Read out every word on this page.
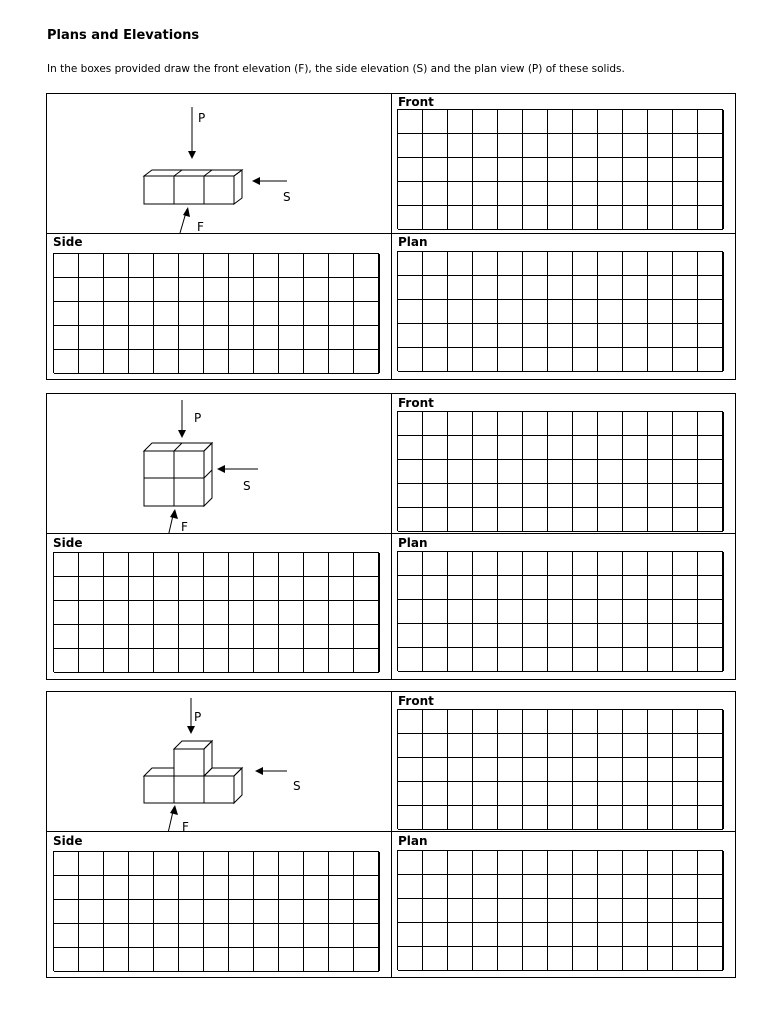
Plans and Elevations
In the boxes provided draw the front elevation (F), the side elevation (S) and the plan view (P) of these solids.
P
S
F
Front
Side	Plan
P
S
F
Front
Side	Plan
P
S
F
Front
Side	Plan
